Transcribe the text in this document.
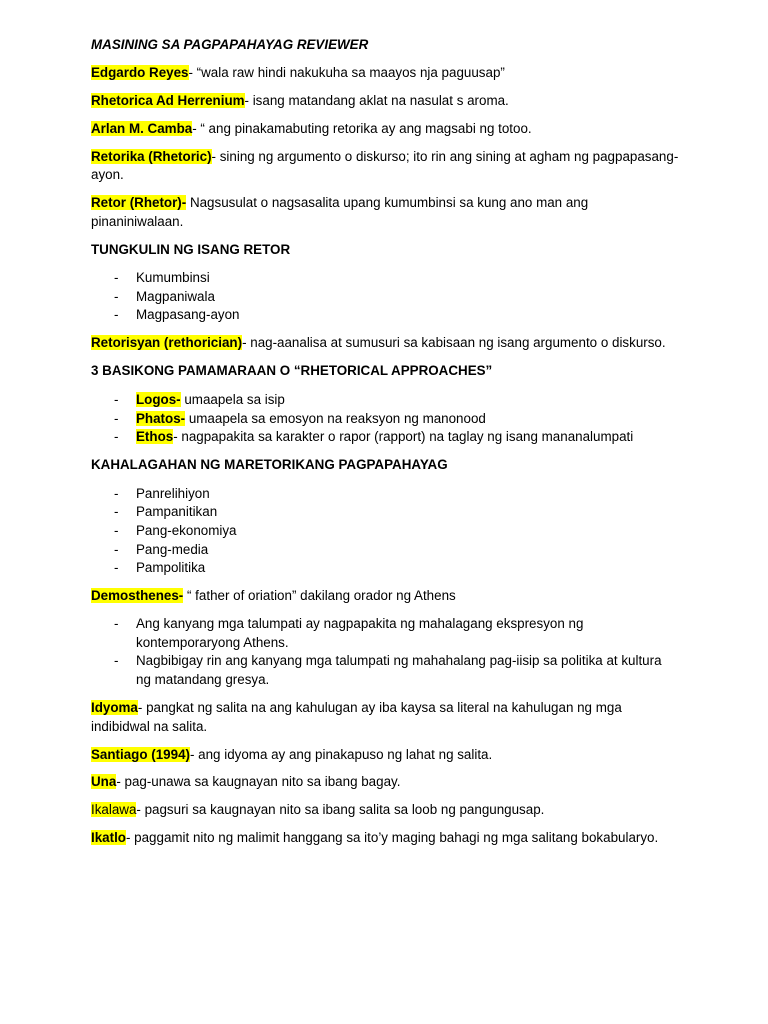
MASINING SA PAGPAPAHAYAG REVIEWER

Edgardo Reyes- “wala raw hindi nakukuha sa maayos nja paguusap”

Rhetorica Ad Herrenium- isang matandang aklat na nasulat s aroma.

Arlan M. Camba- “ ang pinakamabuting retorika ay ang magsabi ng totoo.

Retorika (Rhetoric)- sining ng argumento o diskurso; ito rin ang sining at agham ng pagpapasang-ayon.

Retor (Rhetor)- Nagsusulat o nagsasalita upang kumumbinsi sa kung ano man ang pinaniniwalaan.

TUNGKULIN NG ISANG RETOR
- Kumumbinsi
- Magpaniwala
- Magpasang-ayon

Retorisyan (rethorician)- nag-aanalisa at sumusuri sa kabisaan ng isang argumento o diskurso.

3 BASIKONG PAMAMARAAN O “RHETORICAL APPROACHES”
- Logos- umaapela sa isip
- Phatos- umaapela sa emosyon na reaksyon ng manonood
- Ethos- nagpapakita sa karakter o rapor (rapport) na taglay ng isang mananalumpati
KAHALAGAHAN NG MARETORIKANG PAGPAPAHAYAG
- Panrelihiyon
- Pampanitikan
- Pang-ekonomiya
- Pang-media
- Pampolitika

Demosthenes- “ father of oriation” dakilang orador ng Athens

- Ang kanyang mga talumpati ay nagpapakita ng mahalagang ekspresyon ng kontemporaryong Athens.
- Nagbibigay rin ang kanyang mga talumpati ng mahahalang pag-iisip sa politika at kultura ng matandang gresya.

Idyoma- pangkat ng salita na ang kahulugan ay iba kaysa sa literal na kahulugan ng mga indibidwal na salita.

Santiago (1994)- ang idyoma ay ang pinakapuso ng lahat ng salita.

Una- pag-unawa sa kaugnayan nito sa ibang bagay.

Ikalawa- pagsuri sa kaugnayan nito sa ibang salita sa loob ng pangungusap.

Ikatlo- paggamit nito ng malimit hanggang sa ito’y maging bahagi ng mga salitang bokabularyo.
